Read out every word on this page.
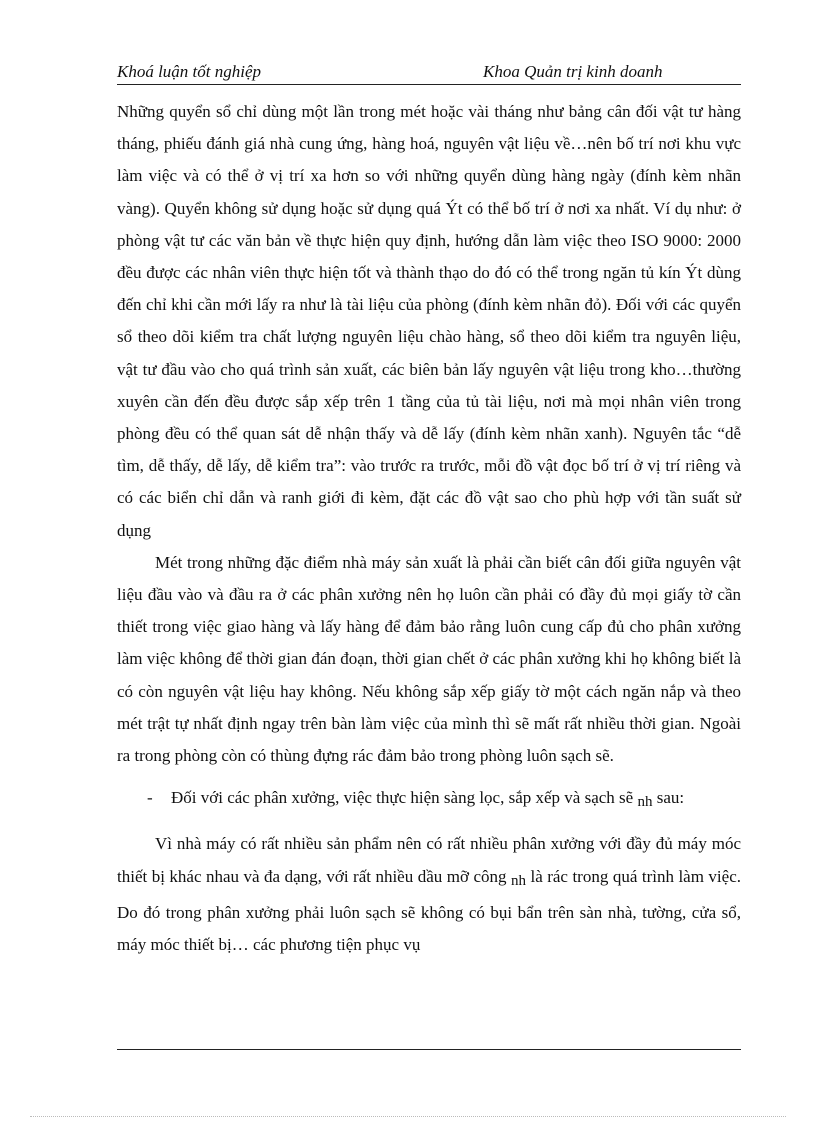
Khoá luận tốt nghiệp	Khoa Quản trị kinh doanh

Những quyển sổ chỉ dùng một lần trong mét hoặc vài tháng như bảng cân đối vật tư hàng tháng, phiếu đánh giá nhà cung ứng, hàng hoá, nguyên vật liệu về…nên bố trí nơi khu vực làm việc và có thể ở vị trí xa hơn so với những quyển dùng hàng ngày (đính kèm nhãn vàng). Quyển không sử dụng hoặc sử dụng quá Ýt có thể bố trí ở nơi xa nhất. Ví dụ như: ở phòng vật tư các văn bản về thực hiện quy định, hướng dẫn làm việc theo ISO 9000: 2000 đều được các nhân viên thực hiện tốt và thành thạo do đó có thể trong ngăn tủ kín Ýt dùng đến chỉ khi cần mới lấy ra như là tài liệu của phòng (đính kèm nhãn đỏ). Đối với các quyển sổ theo dõi kiểm tra chất lượng nguyên liệu chào hàng, sổ theo dõi kiểm tra nguyên liệu, vật tư đầu vào cho quá trình sản xuất, các biên bản lấy nguyên vật liệu trong kho…thường xuyên cần đến đều được sắp xếp trên 1 tầng của tủ tài liệu, nơi mà mọi nhân viên trong phòng đều có thể quan sát dễ nhận thấy và dễ lấy (đính kèm nhãn xanh). Nguyên tắc “dễ tìm, dễ thấy, dễ lấy, dễ kiểm tra”: vào trước ra trước, mỗi đồ vật đọc bố trí ở vị trí riêng và có các biển chỉ dẫn và ranh giới đi kèm, đặt các đồ vật sao cho phù hợp với tần suất sử dụng

Mét trong những đặc điểm nhà máy sản xuất là phải cần biết cân đối giữa nguyên vật liệu đầu vào và đầu ra ở các phân xưởng nên họ luôn cần phải có đầy đủ mọi giấy tờ cần thiết trong việc giao hàng và lấy hàng để đảm bảo rằng luôn cung cấp đủ cho phân xưởng làm việc không để thời gian đán đoạn, thời gian chết ở các phân xưởng khi họ không biết là có còn nguyên vật liệu hay không. Nếu không sắp xếp giấy tờ một cách ngăn nắp và theo mét trật tự nhất định ngay trên bàn làm việc của mình thì sẽ mất rất nhiều thời gian. Ngoài ra trong phòng còn có thùng đựng rác đảm bảo trong phòng luôn sạch sẽ.

- Đối với các phân xưởng, việc thực hiện sàng lọc, sắp xếp và sạch sẽ nh sau:

Vì nhà máy có rất nhiều sản phẩm nên có rất nhiều phân xưởng với đầy đủ máy móc thiết bị khác nhau và đa dạng, với rất nhiều dầu mỡ công nh là rác trong quá trình làm việc. Do đó trong phân xưởng phải luôn sạch sẽ không có bụi bẩn trên sàn nhà, tường, cửa sổ, máy móc thiết bị… các phương tiện phục vụ
